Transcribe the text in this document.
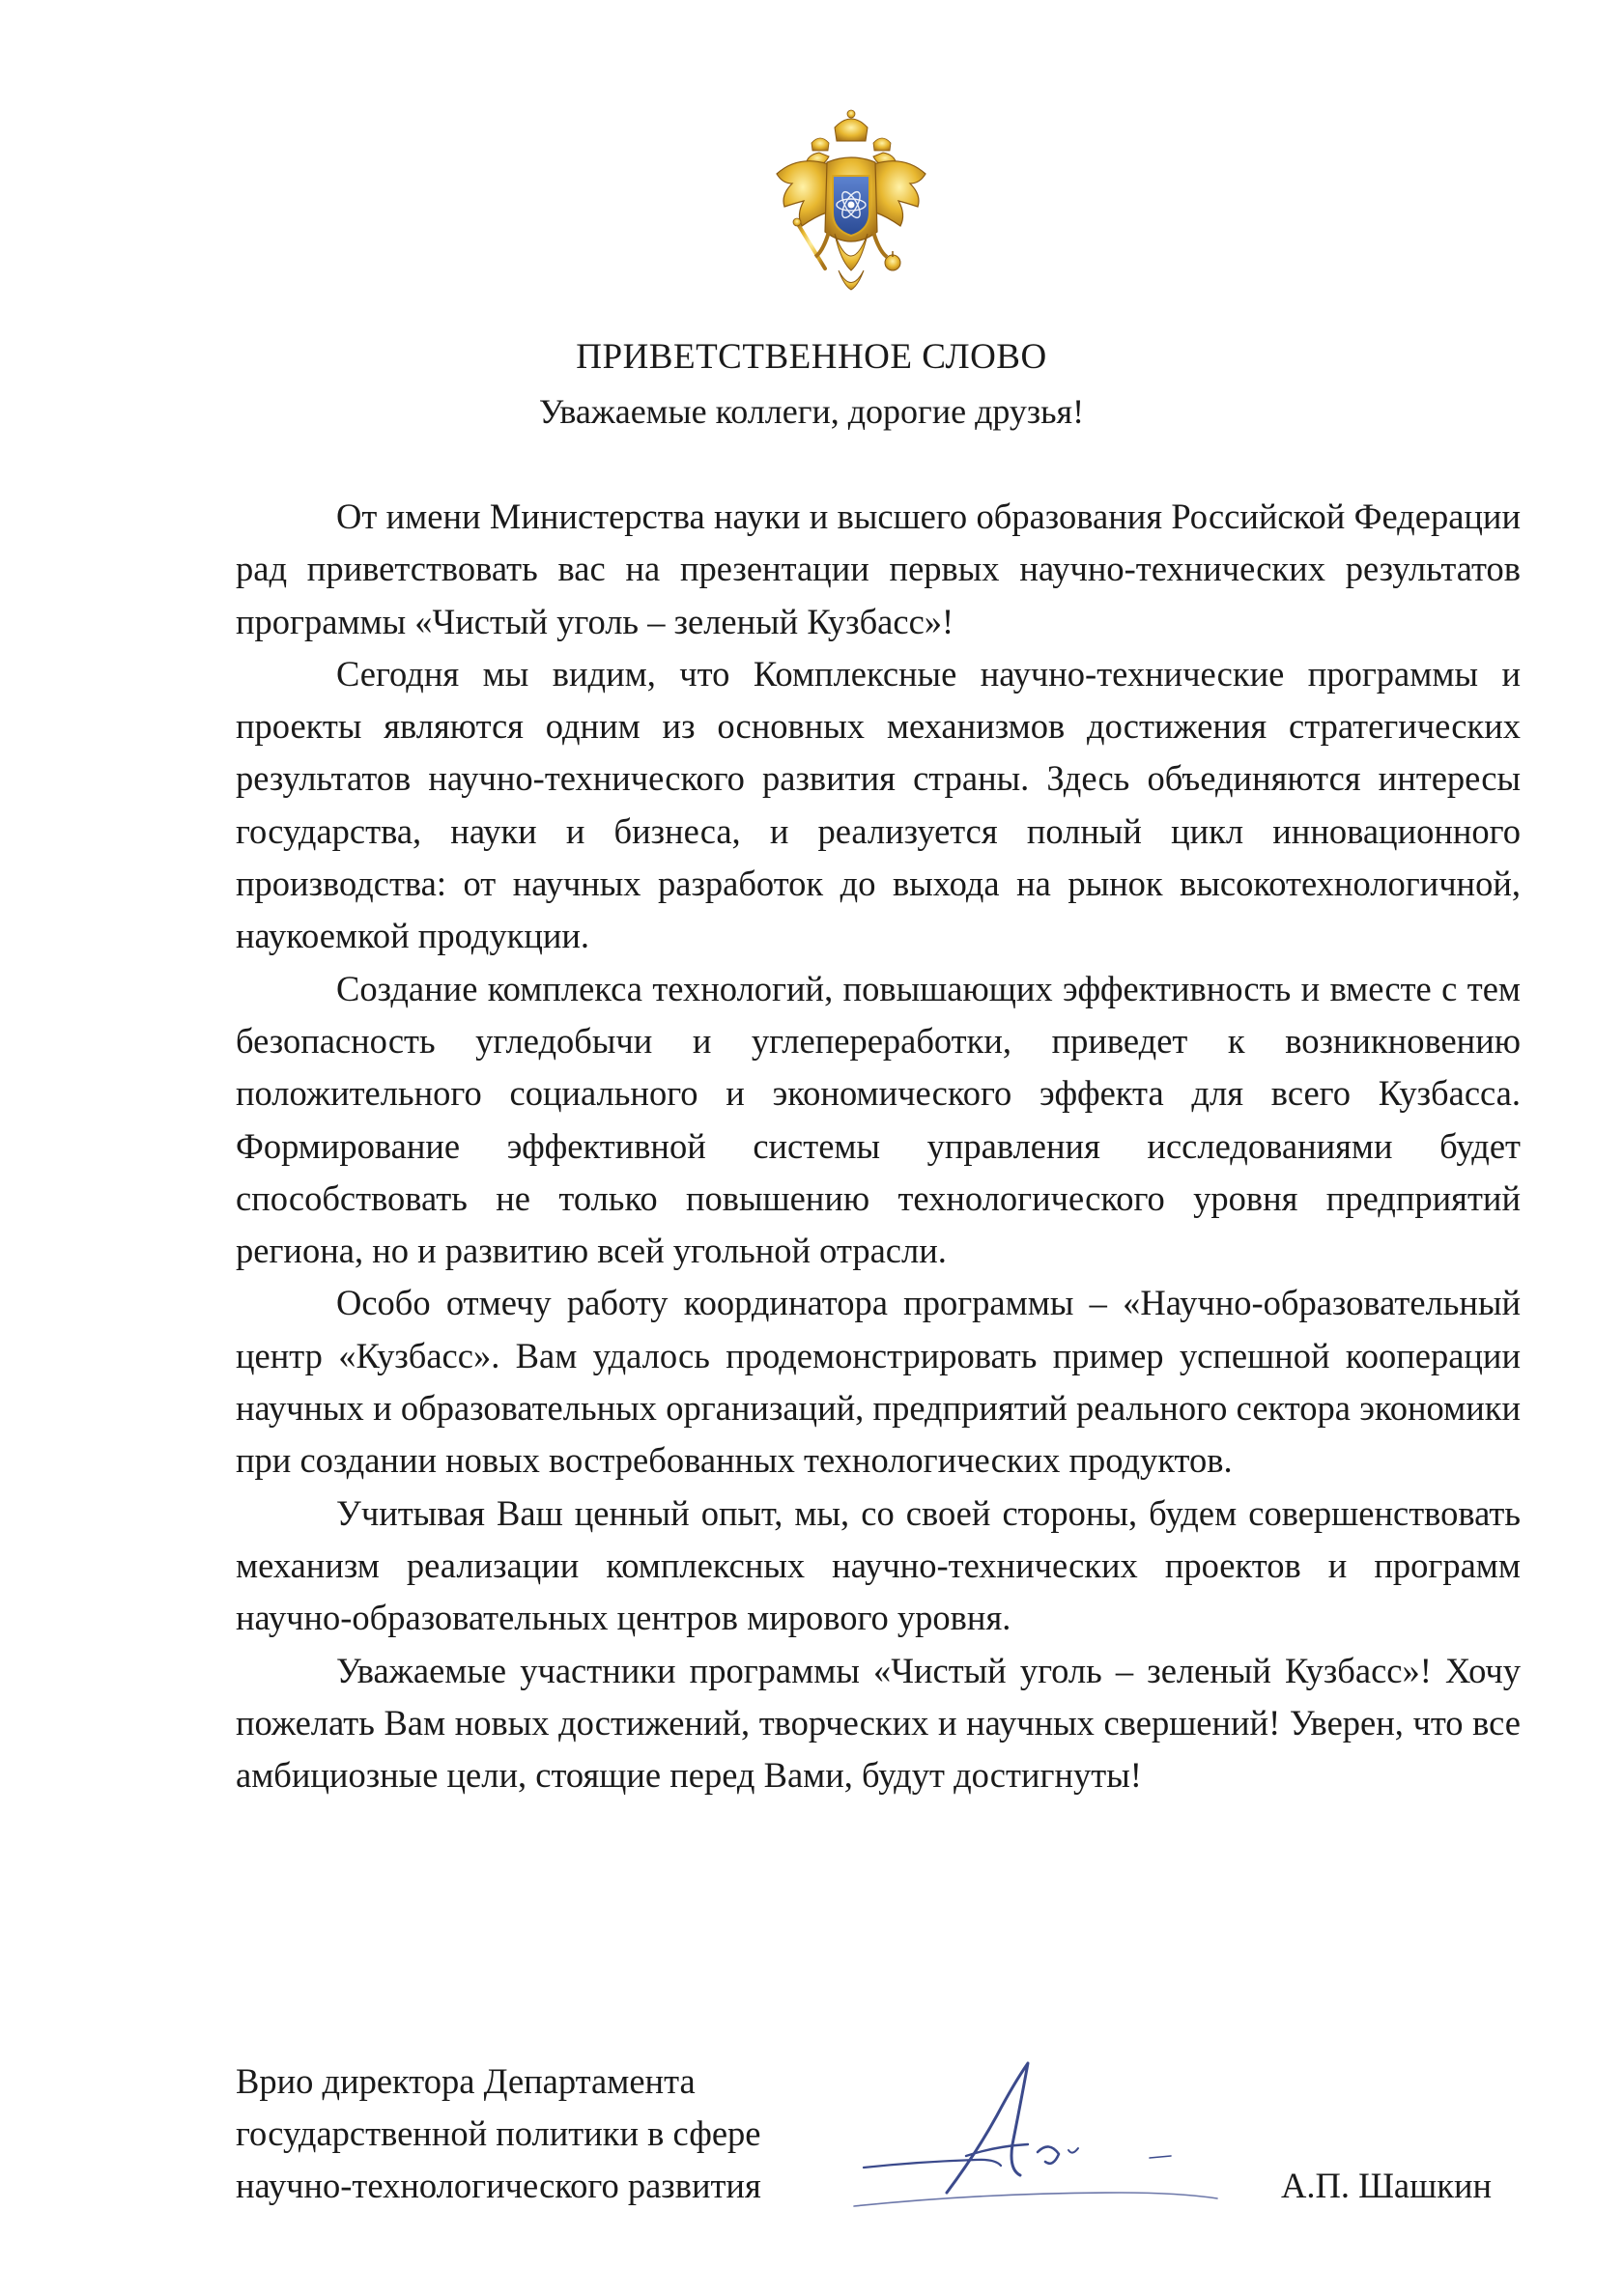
ПРИВЕТСТВЕННОЕ СЛОВО

Уважаемые коллеги, дорогие друзья!

От имени Министерства науки и высшего образования Российской Федерации рад приветствовать вас на презентации первых научно-технических результатов программы «Чистый уголь – зеленый Кузбасс»!

Сегодня мы видим, что Комплексные научно-технические программы и проекты являются одним из основных механизмов достижения стратегических результатов научно-технического развития страны. Здесь объединяются интересы государства, науки и бизнеса, и реализуется полный цикл инновационного производства: от научных разработок до выхода на рынок высокотехнологичной, наукоемкой продукции.

Создание комплекса технологий, повышающих эффективность и вместе с тем безопасность угледобычи и углепереработки, приведет к возникновению положительного социального и экономического эффекта для всего Кузбасса. Формирование эффективной системы управления исследованиями будет способствовать не только повышению технологического уровня предприятий региона, но и развитию всей угольной отрасли.

Особо отмечу работу координатора программы – «Научно-образовательный центр «Кузбасс». Вам удалось продемонстрировать пример успешной кооперации научных и образовательных организаций, предприятий реального сектора экономики при создании новых востребованных технологических продуктов.

Учитывая Ваш ценный опыт, мы, со своей стороны, будем совершенствовать механизм реализации комплексных научно-технических проектов и программ научно-образовательных центров мирового уровня.

Уважаемые участники программы «Чистый уголь – зеленый Кузбасс»! Хочу пожелать Вам новых достижений, творческих и научных свершений! Уверен, что все амбициозные цели, стоящие перед Вами, будут достигнуты!

Врио директора Департамента
государственной политики в сфере
научно-технологического развития	А.П. Шашкин
